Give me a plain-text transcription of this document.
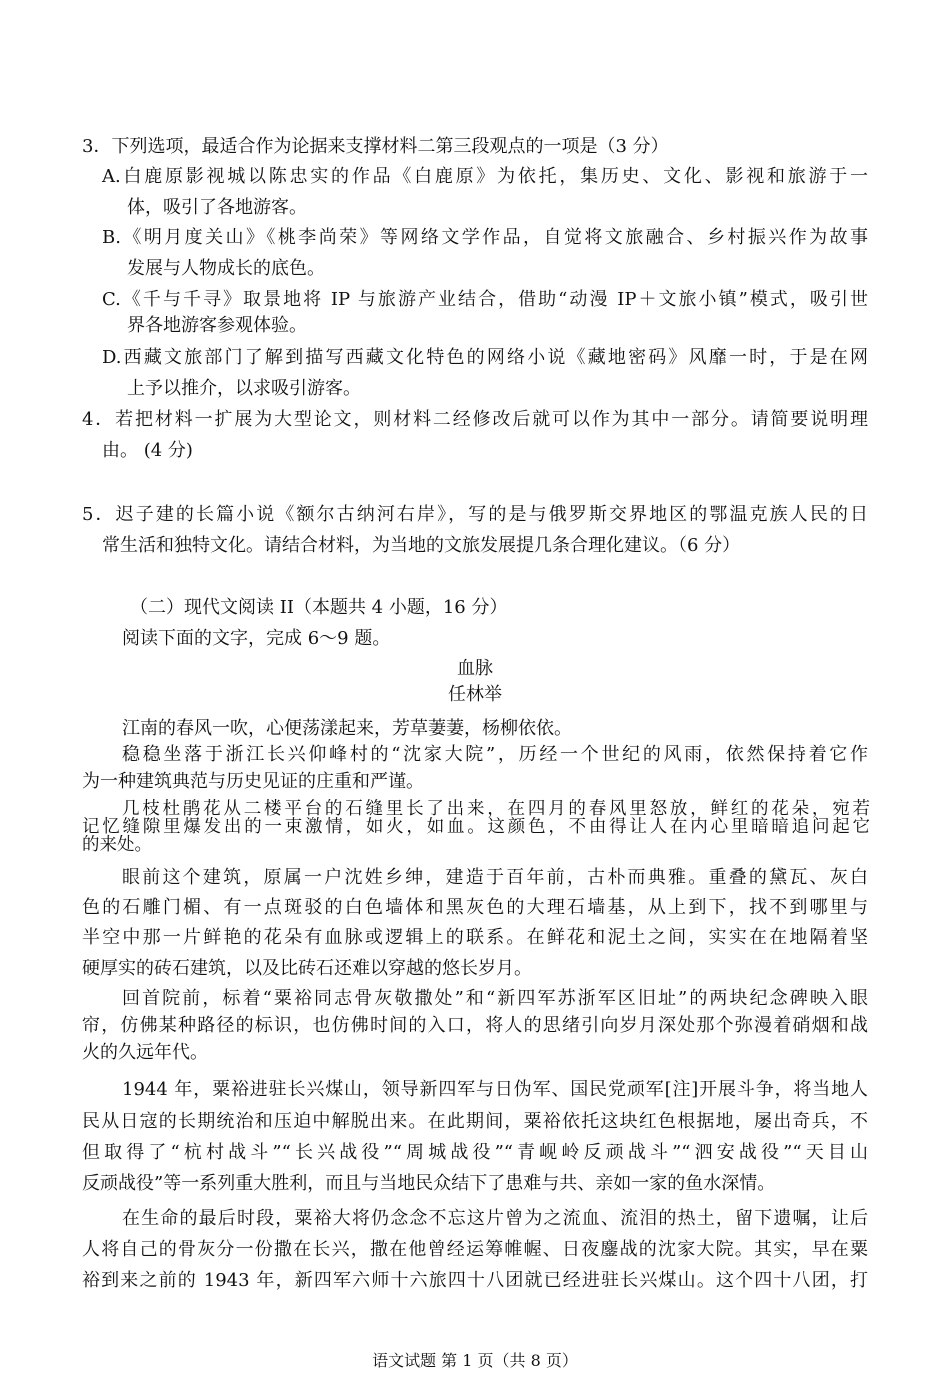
3．下列选项，最适合作为论据来支撑材料二第三段观点的一项是（3 分）
A.白鹿原影视城以陈忠实的作品《白鹿原》为依托，集历史、文化、影视和旅游于一
体，吸引了各地游客。
B.《明月度关山》《桃李尚荣》等网络文学作品，自觉将文旅融合、乡村振兴作为故事
发展与人物成长的底色。
C.《千与千寻》取景地将 IP 与旅游产业结合，借助“动漫 IP＋文旅小镇”模式，吸引世
界各地游客参观体验。
D.西藏文旅部门了解到描写西藏文化特色的网络小说《藏地密码》风靡一时，于是在网
上予以推介，以求吸引游客。
4．若把材料一扩展为大型论文，则材料二经修改后就可以作为其中一部分。请简要说明理
由。 (4 分)
5．迟子建的长篇小说《额尔古纳河右岸》，写的是与俄罗斯交界地区的鄂温克族人民的日
常生活和独特文化。请结合材料，为当地的文旅发展提几条合理化建议。（6 分）
（二）现代文阅读 II（本题共 4 小题，16 分）
阅读下面的文字，完成 6～9 题。
血脉
任林举
江南的春风一吹，心便荡漾起来，芳草萋萋，杨柳依依。
稳稳坐落于浙江长兴仰峰村的“沈家大院”，历经一个世纪的风雨，依然保持着它作
为一种建筑典范与历史见证的庄重和严谨。
几枝杜鹃花从二楼平台的石缝里长了出来，在四月的春风里怒放，鲜红的花朵，宛若
记忆缝隙里爆发出的一束激情，如火，如血。这颜色，不由得让人在内心里暗暗追问起它
的来处。
眼前这个建筑，原属一户沈姓乡绅，建造于百年前，古朴而典雅。重叠的黛瓦、灰白
色的石雕门楣、有一点斑驳的白色墙体和黑灰色的大理石墙基，从上到下，找不到哪里与
半空中那一片鲜艳的花朵有血脉或逻辑上的联系。在鲜花和泥土之间，实实在在地隔着坚
硬厚实的砖石建筑，以及比砖石还难以穿越的悠长岁月。
回首院前，标着“粟裕同志骨灰敬撒处”和“新四军苏浙军区旧址”的两块纪念碑映入眼
帘，仿佛某种路径的标识，也仿佛时间的入口，将人的思绪引向岁月深处那个弥漫着硝烟和战
火的久远年代。
1944 年，粟裕进驻长兴煤山，领导新四军与日伪军、国民党顽军[注]开展斗争，将当地人
民从日寇的长期统治和压迫中解脱出来。在此期间，粟裕依托这块红色根据地，屡出奇兵，不
但取得了“杭村战斗”“长兴战役”“周城战役”“青岘岭反顽战斗”“泗安战役”“天目山
反顽战役”等一系列重大胜利，而且与当地民众结下了患难与共、亲如一家的鱼水深情。
在生命的最后时段，粟裕大将仍念念不忘这片曾为之流血、流泪的热土，留下遗嘱，让后
人将自己的骨灰分一份撒在长兴，撒在他曾经运筹帷幄、日夜鏖战的沈家大院。其实，早在粟
裕到来之前的 1943 年，新四军六师十六旅四十八团就已经进驻长兴煤山。这个四十八团，打
语文试题 第 1 页（共 8 页）
